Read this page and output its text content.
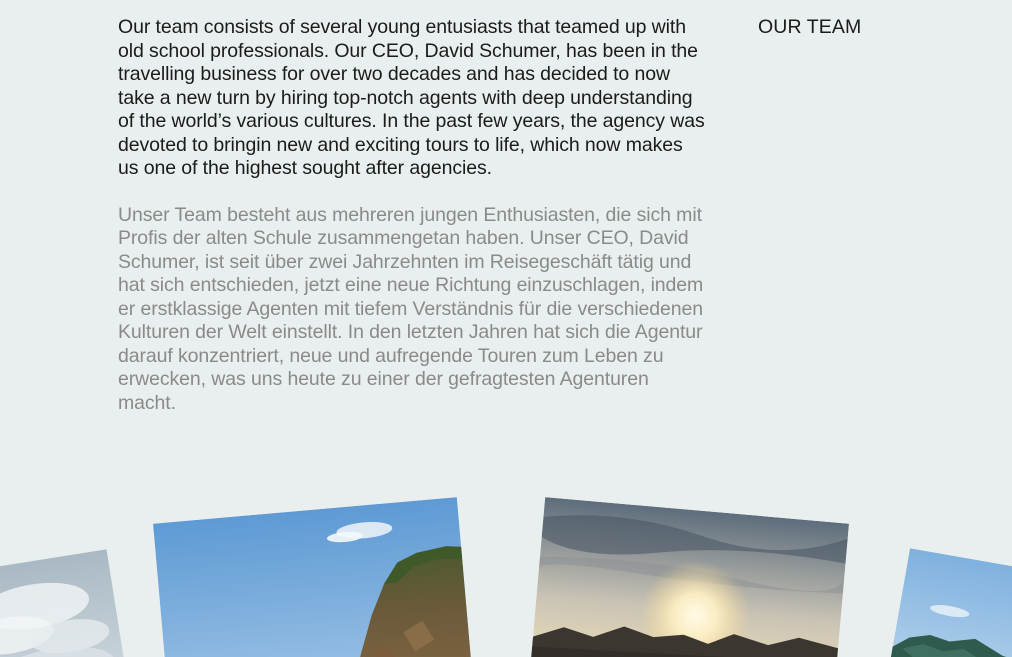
Our team consists of several young entusiasts that teamed up with old school professionals. Our CEO, David Schumer, has been in the travelling business for over two decades and has decided to now take a new turn by hiring top-notch agents with deep understanding of the world’s various cultures. In the past few years, the agency was devoted to bringin new and exciting tours to life, which now makes us one of the highest sought after agencies.

Unser Team besteht aus mehreren jungen Enthusiasten, die sich mit Profis der alten Schule zusammengetan haben. Unser CEO, David Schumer, ist seit über zwei Jahrzehnten im Reisegeschäft tätig und hat sich entschieden, jetzt eine neue Richtung einzuschlagen, indem er erstklassige Agenten mit tiefem Verständnis für die verschiedenen Kulturen der Welt einstellt. In den letzten Jahren hat sich die Agentur darauf konzentriert, neue und aufregende Touren zum Leben zu erwecken, was uns heute zu einer der gefragtesten Agenturen macht.

OUR TEAM
